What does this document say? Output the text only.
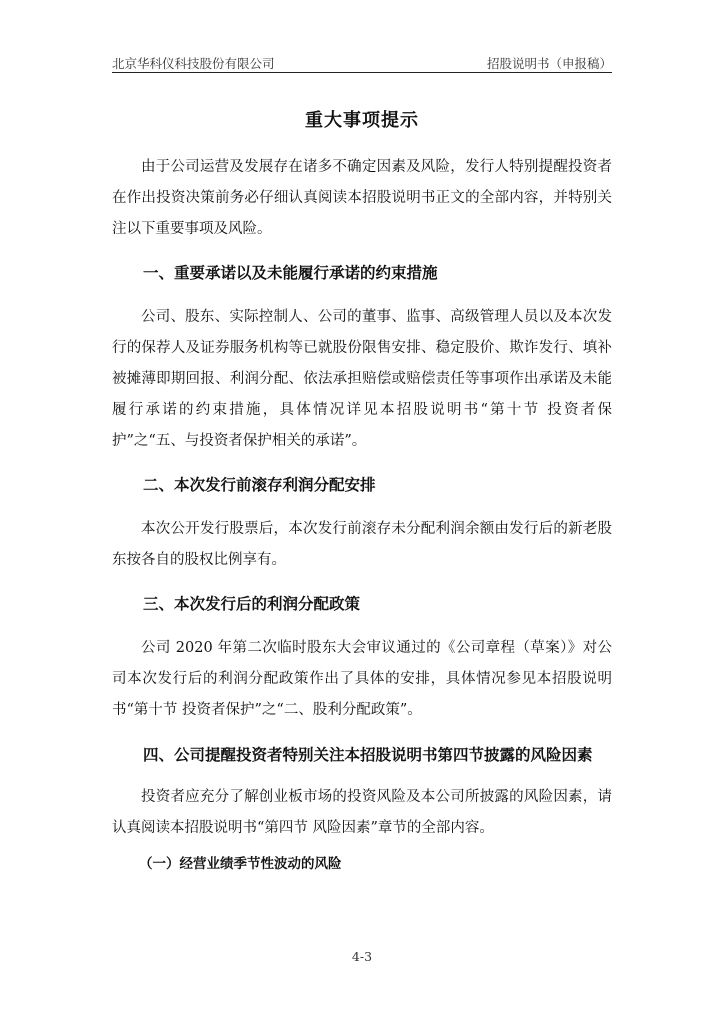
北京华科仪科技股份有限公司	招股说明书（申报稿）
重大事项提示

由于公司运营及发展存在诸多不确定因素及风险，发行人特别提醒投资者在作出投资决策前务必仔细认真阅读本招股说明书正文的全部内容，并特别关注以下重要事项及风险。

一、重要承诺以及未能履行承诺的约束措施

公司、股东、实际控制人、公司的董事、监事、高级管理人员以及本次发行的保荐人及证券服务机构等已就股份限售安排、稳定股价、欺诈发行、填补被摊薄即期回报、利润分配、依法承担赔偿或赔偿责任等事项作出承诺及未能履行承诺的约束措施，具体情况详见本招股说明书“第十节 投资者保护”之“五、与投资者保护相关的承诺”。

二、本次发行前滚存利润分配安排

本次公开发行股票后，本次发行前滚存未分配利润余额由发行后的新老股东按各自的股权比例享有。

三、本次发行后的利润分配政策

公司 2020 年第二次临时股东大会审议通过的《公司章程（草案）》对公司本次发行后的利润分配政策作出了具体的安排，具体情况参见本招股说明书“第十节 投资者保护”之“二、股利分配政策”。

四、公司提醒投资者特别关注本招股说明书第四节披露的风险因素

投资者应充分了解创业板市场的投资风险及本公司所披露的风险因素，请认真阅读本招股说明书“第四节 风险因素”章节的全部内容。

（一）经营业绩季节性波动的风险
4-3
